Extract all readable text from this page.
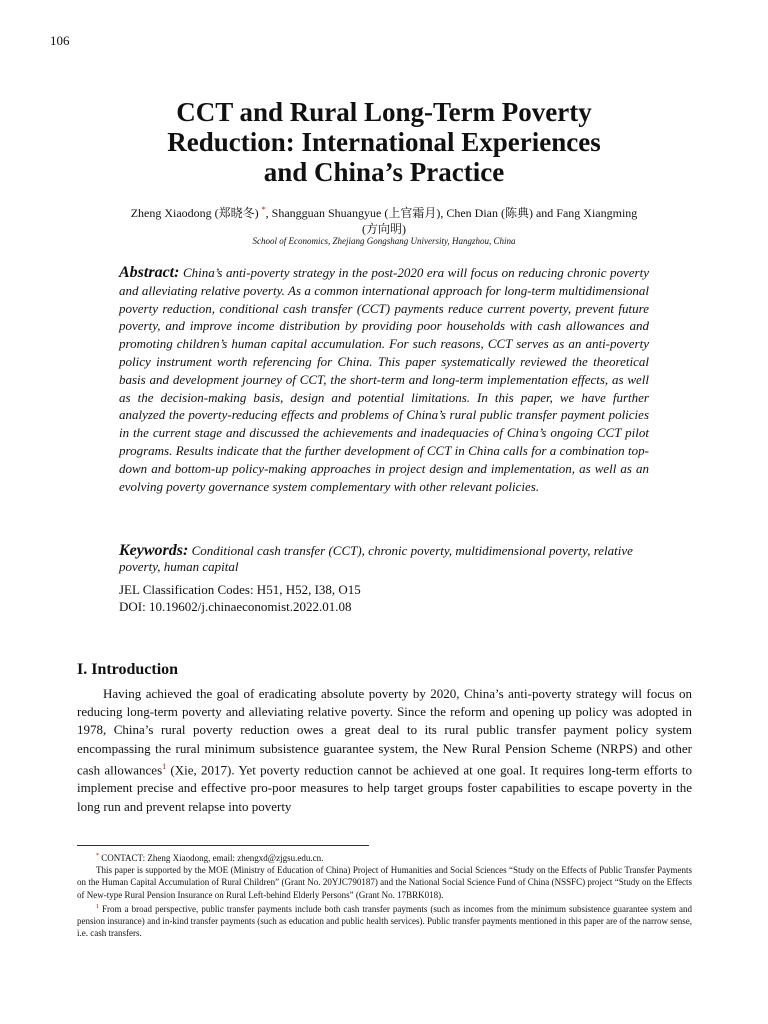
106
CCT and Rural Long-Term Poverty
Reduction: International Experiences
and China’s Practice
Zheng Xiaodong (郑晓冬) *, Shangguan Shuangyue (上官霜月), Chen Dian (陈典) and Fang Xiangming (方向明)
School of Economics, Zhejiang Gongshang University, Hangzhou, China
Abstract: China’s anti-poverty strategy in the post-2020 era will focus on reducing chronic poverty and alleviating relative poverty. As a common international approach for long-term multidimensional poverty reduction, conditional cash transfer (CCT) payments reduce current poverty, prevent future poverty, and improve income distribution by providing poor households with cash allowances and promoting children’s human capital accumulation. For such reasons, CCT serves as an anti-poverty policy instrument worth referencing for China. This paper systematically reviewed the theoretical basis and development journey of CCT, the short-term and long-term implementation effects, as well as the decision-making basis, design and potential limitations. In this paper, we have further analyzed the poverty-reducing effects and problems of China’s rural public transfer payment policies in the current stage and discussed the achievements and inadequacies of China’s ongoing CCT pilot programs. Results indicate that the further development of CCT in China calls for a combination top-down and bottom-up policy-making approaches in project design and implementation, as well as an evolving poverty governance system complementary with other relevant policies.
Keywords: Conditional cash transfer (CCT), chronic poverty, multidimensional poverty, relative poverty, human capital
JEL Classification Codes: H51, H52, I38, O15
DOI: 10.19602/j.chinaeconomist.2022.01.08
I. Introduction

Having achieved the goal of eradicating absolute poverty by 2020, China’s anti-poverty strategy will focus on reducing long-term poverty and alleviating relative poverty. Since the reform and opening up policy was adopted in 1978, China’s rural poverty reduction owes a great deal to its rural public transfer payment policy system encompassing the rural minimum subsistence guarantee system, the New Rural Pension Scheme (NRPS) and other cash allowances$^1$ (Xie, 2017). Yet poverty reduction cannot be achieved at one goal. It requires long-term efforts to implement precise and effective pro-poor measures to help target groups foster capabilities to escape poverty in the long run and prevent relapse into poverty

* CONTACT: Zheng Xiaodong, email: zhengxd@zjgsu.edu.cn.

This paper is supported by the MOE (Ministry of Education of China) Project of Humanities and Social Sciences “Study on the Effects of Public Transfer Payments on the Human Capital Accumulation of Rural Children” (Grant No. 20YJC790187) and the National Social Science Fund of China (NSSFC) project “Study on the Effects of New-type Rural Pension Insurance on Rural Left-behind Elderly Persons” (Grant No. 17BRK018).

$^1$ From a broad perspective, public transfer payments include both cash transfer payments (such as incomes from the minimum subsistence guarantee system and pension insurance) and in-kind transfer payments (such as education and public health services). Public transfer payments mentioned in this paper are of the narrow sense, i.e. cash transfers.
